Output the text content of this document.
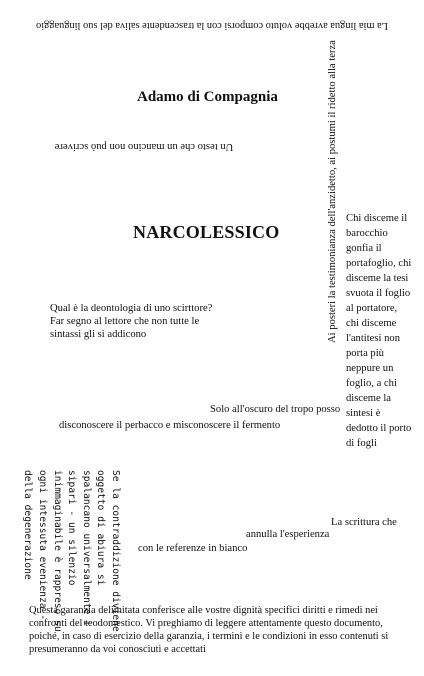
La mia lingua avrebbe voluto comporsi con la trascendente saliva del suo linguaggio
Adamo di Compagnia
Un testo che un mancino non può scrivere	Ai posteri la testimonianza dell'anzidetto, ai postumi il ridetto alla terza
NARCOLESSICO
Chi disceme il
barocchio
gonfia il
portafoglio, chi
disceme la tesi
svuota il foglio
al portatore,
chi disceme
l'antitesi non
porta più
neppure un
foglio, a chi
disceme la
sintesi è
dedotto il porto
di fogli
Qual è la deontologia di uno scirttore?
Far segno al lettore che non tutte le
sintassi gli si addicono
Solo all'oscuro del tropo posso
disconoscere il perbacco e misconoscere il fermento
Se la contraddizione diviene
oggetto di abiura si
spalancano universalmente i
sipari - un silenzio
inimmaginabile è rappreso su
ogni intessuta evenienza -
della degenerazione	La scrittura che
annulla l'esperienza
con le referenze in bianco
Questa garanzia delimitata conferisce alle vostre dignità specifici diritti e rimedi nei
confronti del teodomestico. Vi preghiamo di leggere attentamente questo documento,
poiché, in caso di esercizio della garanzia, i termini e le condizioni in esso contenuti si
presumeranno da voi conosciuti e accettati
